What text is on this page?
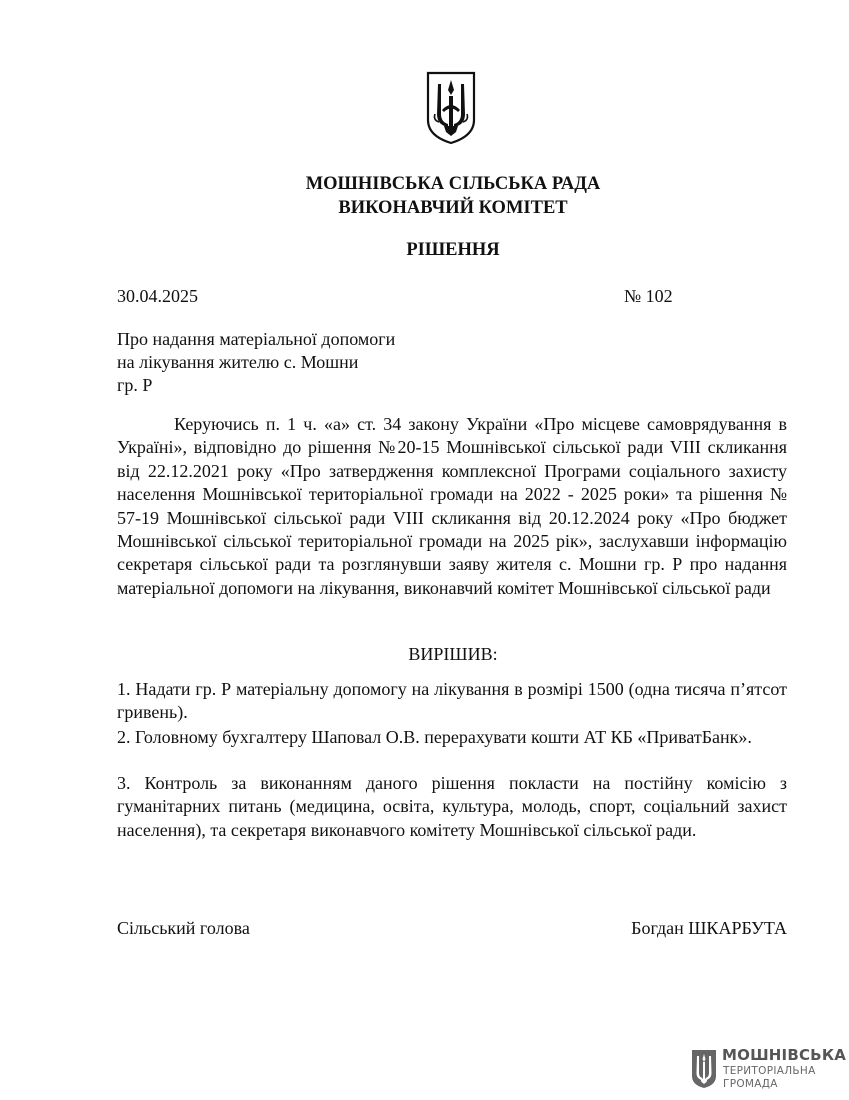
МОШНІВСЬКА СІЛЬСЬКА РАДА
ВИКОНАВЧИЙ КОМІТЕТ
РІШЕННЯ
30.04.2025	№ 102
Про надання матеріальної допомоги
на лікування жителю с. Мошни
гр. Р
Керуючись п. 1 ч. «а» ст. 34 закону України «Про місцеве самоврядування в Україні», відповідно до рішення №20-15 Мошнівської сільської ради VIII скликання від 22.12.2021 року «Про затвердження комплексної Програми соціального захисту населення Мошнівської територіальної громади на 2022 - 2025 роки» та рішення № 57-19 Мошнівської сільської ради VIII скликання від 20.12.2024 року «Про бюджет Мошнівської сільської територіальної громади на 2025 рік», заслухавши інформацію секретаря сільської ради та розглянувши заяву жителя с. Мошни гр. Р про надання матеріальної допомоги на лікування, виконавчий комітет Мошнівської сільської ради
ВИРІШИВ:
1. Надати гр. Р матеріальну допомогу на лікування в розмірі 1500 (одна тисяча п’ятсот гривень).
2. Головному бухгалтеру Шаповал О.В. перерахувати кошти АТ КБ «ПриватБанк».
3. Контроль за виконанням даного рішення покласти на постійну комісію з гуманітарних питань (медицина, освіта, культура, молодь, спорт, соціальний захист населення), та секретаря виконавчого комітету Мошнівської сільської ради.
Сільський голова	Богдан ШКАРБУТА
МОШНІВСЬКА
ТЕРИТОРІАЛЬНА
ГРОМАДА
